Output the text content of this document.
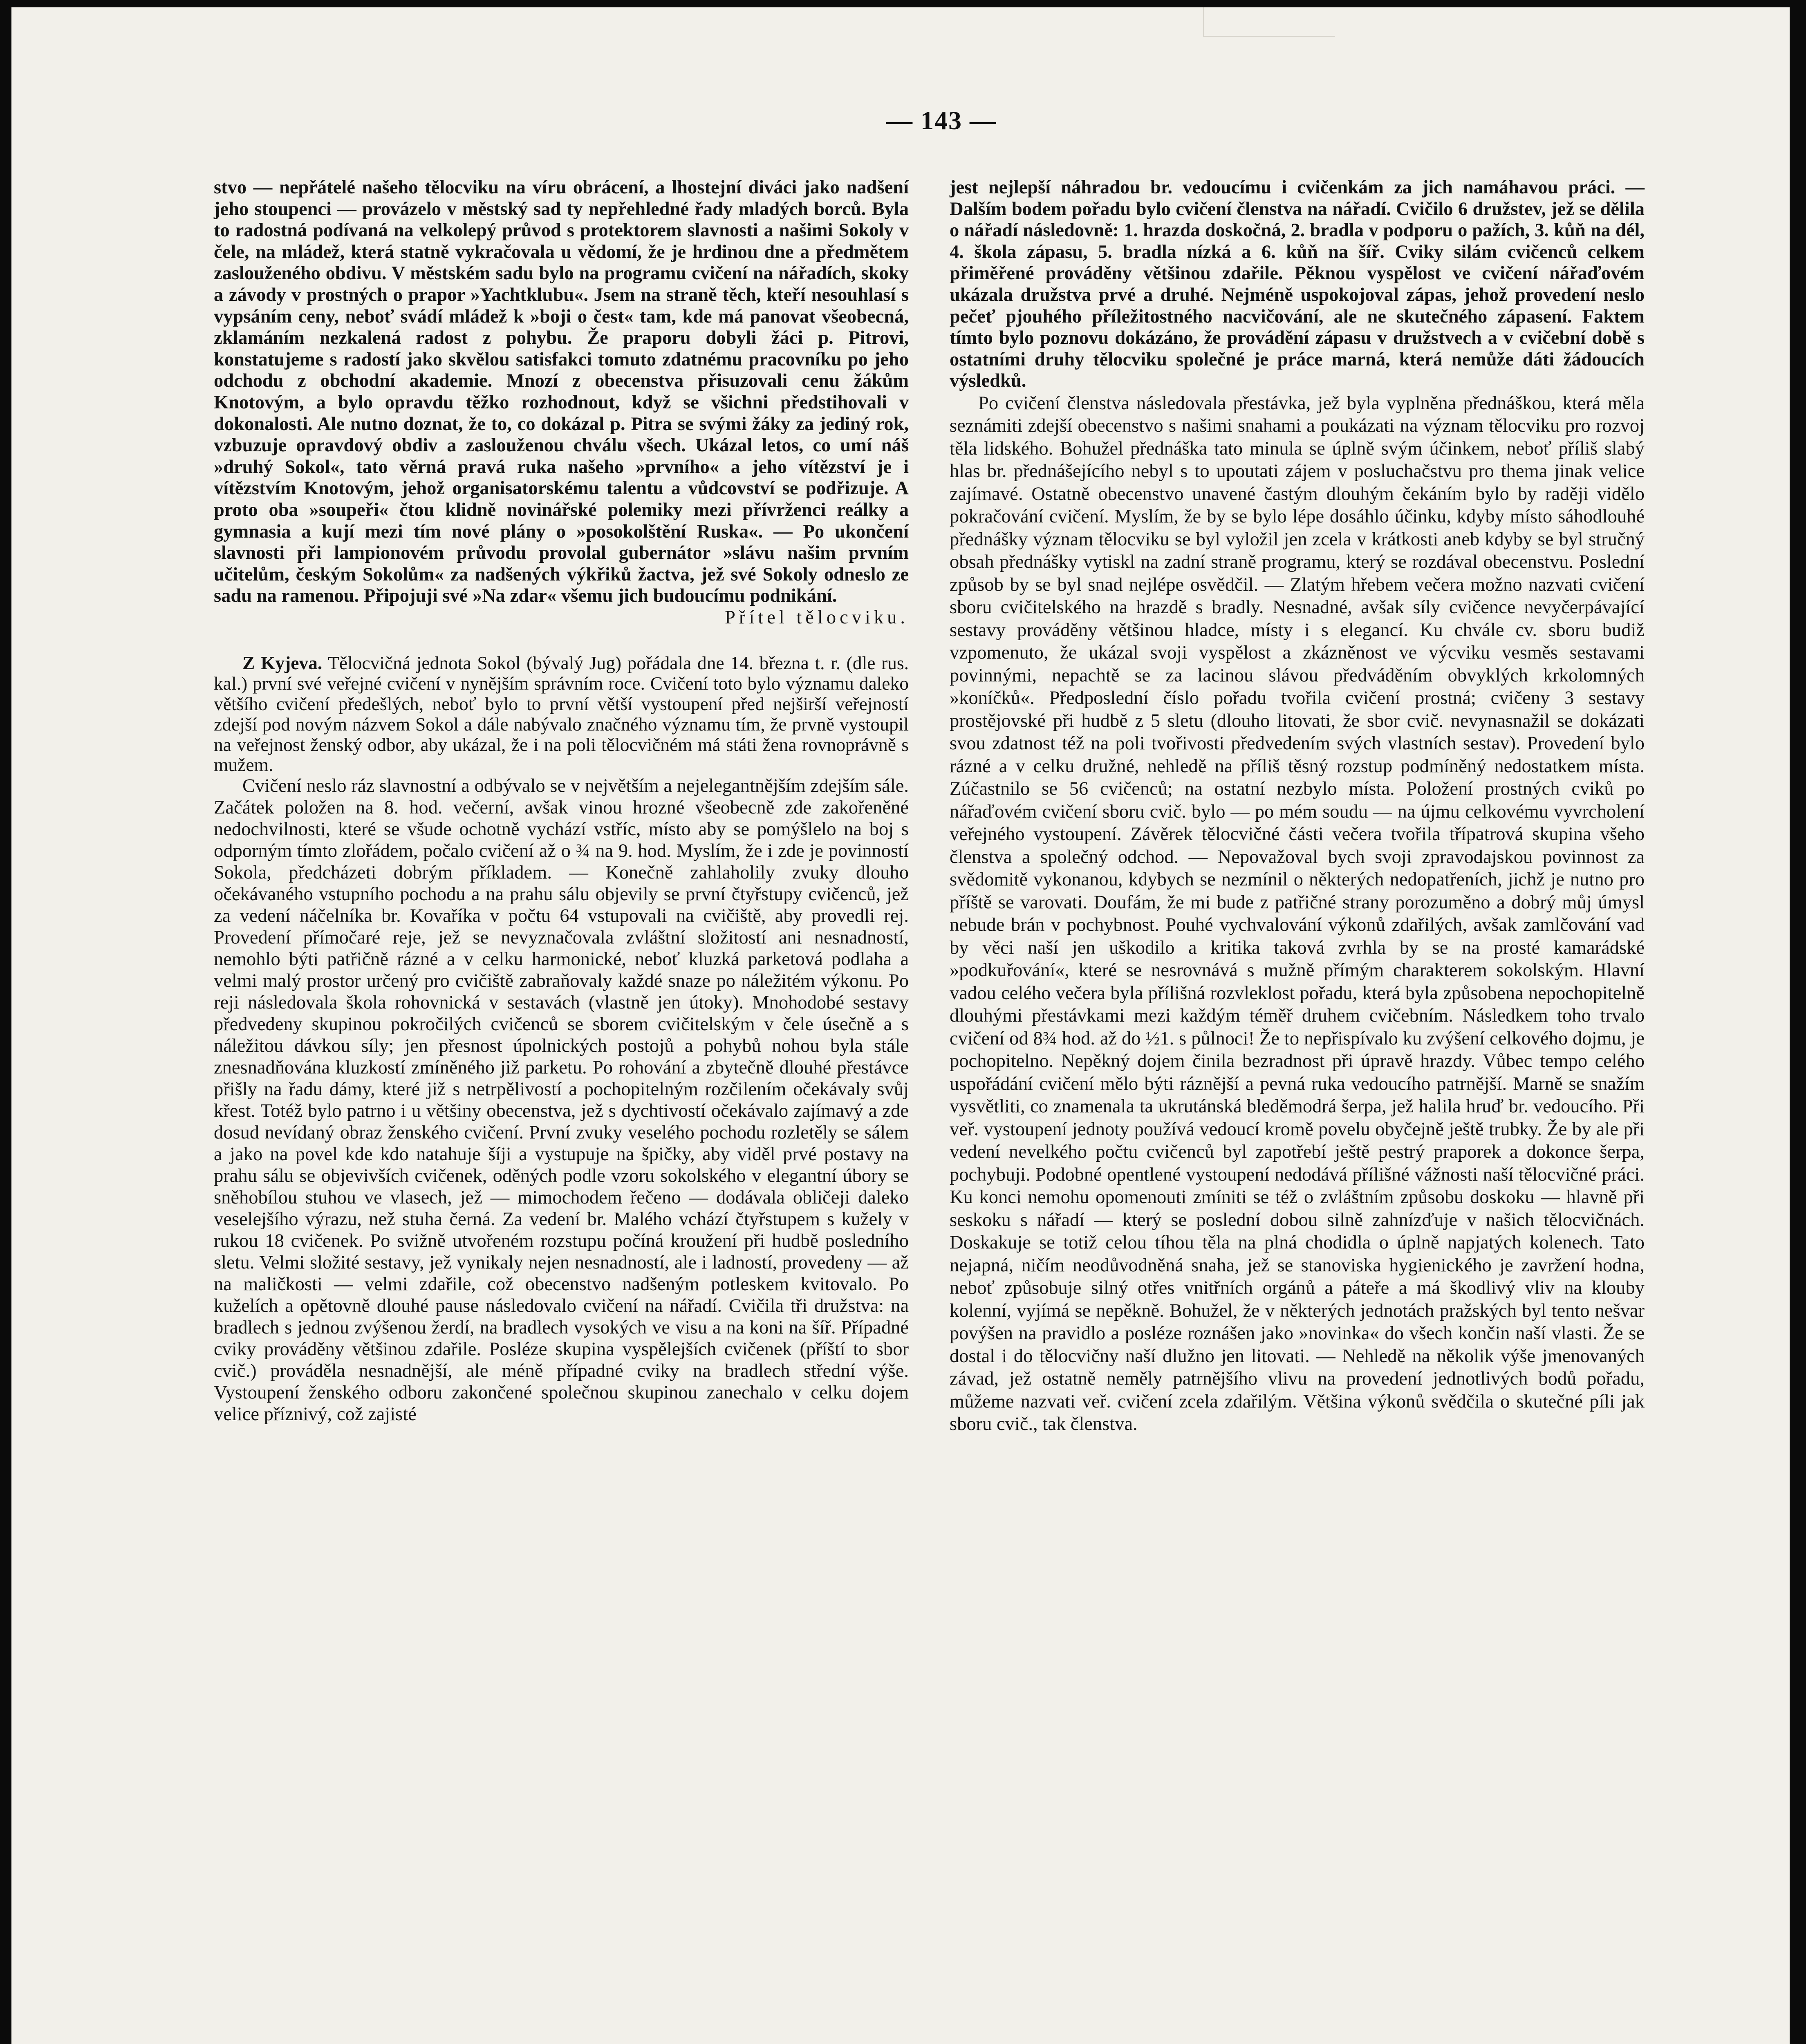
— 143 —

stvo — nepřátelé našeho tělocviku na víru obrácení, a lhostejní diváci jako nadšení jeho stoupenci — provázelo v městský sad ty nepřehledné řady mladých borců. Byla to radostná podívaná na velkolepý průvod s protektorem slavnosti a našimi Sokoly v čele, na mládež, která statně vykračovala u vědomí, že je hrdinou dne a předmětem zaslouženého obdivu. V městském sadu bylo na programu cvičení na nářadích, skoky a závody v prostných o prapor »Yachtklubu«. Jsem na straně těch, kteří nesouhlasí s vypsáním ceny, neboť svádí mládež k »boji o čest« tam, kde má panovat všeobecná, zklamáním nezkalená radost z pohybu. Že praporu dobyli žáci p. Pitrovi, konstatujeme s radostí jako skvělou satisfakci tomuto zdatnému pracovníku po jeho odchodu z obchodní akademie. Mnozí z obecenstva přisuzovali cenu žákům Knotovým, a bylo opravdu těžko rozhodnout, když se všichni předstihovali v dokonalosti. Ale nutno doznat, že to, co dokázal p. Pitra se svými žáky za jediný rok, vzbuzuje opravdový obdiv a zaslouženou chválu všech. Ukázal letos, co umí náš »druhý Sokol«, tato věrná pravá ruka našeho »prvního« a jeho vítězství je i vítězstvím Knotovým, jehož organisatorskému talentu a vůdcovství se podřizuje. A proto oba »soupeři« čtou klidně novinářské polemiky mezi přívrženci reálky a gymnasia a kují mezi tím nové plány o »posokolštění Ruska«. — Po ukončení slavnosti při lampionovém průvodu provolal gubernátor »slávu našim prvním učitelům, českým Sokolům« za nadšených výkřiků žactva, jež své Sokoly odneslo ze sadu na ramenou. Připojuji své »Na zdar« všemu jich budoucímu podnikání.

Přítel tělocviku.

Z Kyjeva. Tělocvičná jednota Sokol (bývalý Jug) pořádala dne 14. března t. r. (dle rus. kal.) první své veřejné cvičení v nynějším správním roce. Cvičení toto bylo významu daleko většího cvičení předešlých, neboť bylo to první větší vystoupení před nejširší veřejností zdejší pod novým názvem Sokol a dále nabývalo značného významu tím, že prvně vystoupil na veřejnost ženský odbor, aby ukázal, že i na poli tělocvičném má státi žena rovnoprávně s mužem.

Cvičení neslo ráz slavnostní a odbývalo se v největším a nejelegantnějším zdejším sále. Začátek položen na 8. hod. večerní, avšak vinou hrozné všeobecně zde zakořeněné nedochvilnosti, které se všude ochotně vychází vstříc, místo aby se pomýšlelo na boj s odporným tímto zlořádem, počalo cvičení až o ¾ na 9. hod. Myslím, že i zde je povinností Sokola, předcházeti dobrým příkladem. — Konečně zahlaholily zvuky dlouho očekávaného vstupního pochodu a na prahu sálu objevily se první čtyřstupy cvičenců, jež za vedení náčelníka br. Kovaříka v počtu 64 vstupovali na cvičiště, aby provedli rej. Provedení přímočaré reje, jež se nevyznačovala zvláštní složitostí ani nesnadností, nemohlo býti patřičně rázné a v celku harmonické, neboť kluzká parketová podlaha a velmi malý prostor určený pro cvičiště zabraňovaly každé snaze po náležitém výkonu. Po reji následovala škola rohovnická v sestavách (vlastně jen útoky). Mnohodobé sestavy předvedeny skupinou pokročilých cvičenců se sborem cvičitelským v čele úsečně a s náležitou dávkou síly; jen přesnost úpolnických postojů a pohybů nohou byla stále znesnadňována kluzkostí zmíněného již parketu. Po rohování a zbytečně dlouhé přestávce přišly na řadu dámy, které již s netrpělivostí a pochopitelným rozčilením očekávaly svůj křest. Totéž bylo patrno i u většiny obecenstva, jež s dychtivostí očekávalo zajímavý a zde dosud nevídaný obraz ženského cvičení. První zvuky veselého pochodu rozletěly se sálem a jako na povel kde kdo natahuje šíji a vystupuje na špičky, aby viděl prvé postavy na prahu sálu se objevivších cvičenek, oděných podle vzoru sokolského v elegantní úbory se sněhobílou stuhou ve vlasech, jež — mimochodem řečeno — dodávala obličeji daleko veselejšího výrazu, než stuha černá. Za vedení br. Malého vchází čtyřstupem s kužely v rukou 18 cvičenek. Po svižně utvořeném rozstupu počíná kroužení při hudbě posledního sletu. Velmi složité sestavy, jež vynikaly nejen nesnadností, ale i ladností, provedeny — až na maličkosti — velmi zdařile, což obecenstvo nadšeným potleskem kvitovalo. Po kuželích a opětovně dlouhé pause následovalo cvičení na nářadí. Cvičila tři družstva: na bradlech s jednou zvýšenou žerdí, na bradlech vysokých ve visu a na koni na šíř. Případné cviky prováděny většinou zdařile. Posléze skupina vyspělejších cvičenek (příští to sbor cvič.) prováděla nesnadnější, ale méně případné cviky na bradlech střední výše. Vystoupení ženského odboru zakončené společnou skupinou zanechalo v celku dojem velice příznivý, což zajisté

jest nejlepší náhradou br. vedoucímu i cvičenkám za jich namáhavou práci. — Dalším bodem pořadu bylo cvičení členstva na nářadí. Cvičilo 6 družstev, jež se dělila o nářadí následovně: 1. hrazda doskočná, 2. bradla v podporu o pažích, 3. kůň na dél, 4. škola zápasu, 5. bradla nízká a 6. kůň na šíř. Cviky silám cvičenců celkem přiměřené prováděny většinou zdařile. Pěknou vyspělost ve cvičení nářaďovém ukázala družstva prvé a druhé. Nejméně uspokojoval zápas, jehož provedení neslo pečeť pjouhého příležitostného nacvičování, ale ne skutečného zápasení. Faktem tímto bylo poznovu dokázáno, že provádění zápasu v družstvech a v cvičební době s ostatními druhy tělocviku společné je práce marná, která nemůže dáti žádoucích výsledků.

Po cvičení členstva následovala přestávka, jež byla vyplněna přednáškou, která měla seznámiti zdejší obecenstvo s našimi snahami a poukázati na význam tělocviku pro rozvoj těla lidského. Bohužel přednáška tato minula se úplně svým účinkem, neboť příliš slabý hlas br. přednášejícího nebyl s to upoutati zájem v posluchačstvu pro thema jinak velice zajímavé. Ostatně obecenstvo unavené častým dlouhým čekáním bylo by raději vidělo pokračování cvičení. Myslím, že by se bylo lépe dosáhlo účinku, kdyby místo sáhodlouhé přednášky význam tělocviku se byl vyložil jen zcela v krátkosti aneb kdyby se byl stručný obsah přednášky vytiskl na zadní straně programu, který se rozdával obecenstvu. Poslední způsob by se byl snad nejlépe osvědčil. — Zlatým hřebem večera možno nazvati cvičení sboru cvičitelského na hrazdě s bradly. Nesnadné, avšak síly cvičence nevyčerpávající sestavy prováděny většinou hladce, místy i s elegancí. Ku chvále cv. sboru budiž vzpomenuto, že ukázal svoji vyspělost a zkázněnost ve výcviku vesměs sestavami povinnými, nepachtě se za lacinou slávou předváděním obvyklých krkolomných »koníčků«. Předposlední číslo pořadu tvořila cvičení prostná; cvičeny 3 sestavy prostějovské při hudbě z 5 sletu (dlouho litovati, že sbor cvič. nevynasnažil se dokázati svou zdatnost též na poli tvořivosti předvedením svých vlastních sestav). Provedení bylo rázné a v celku družné, nehledě na příliš těsný rozstup podmíněný nedostatkem místa. Zúčastnilo se 56 cvičenců; na ostatní nezbylo místa. Položení prostných cviků po nářaďovém cvičení sboru cvič. bylo — po mém soudu — na újmu celkovému vyvrcholení veřejného vystoupení. Závěrek tělocvičné části večera tvořila třípatrová skupina všeho členstva a společný odchod. — Nepovažoval bych svoji zpravodajskou povinnost za svědomitě vykonanou, kdybych se nezmínil o některých nedopatřeních, jichž je nutno pro příště se varovati. Doufám, že mi bude z patřičné strany porozuměno a dobrý můj úmysl nebude brán v pochybnost. Pouhé vychvalování výkonů zdařilých, avšak zamlčování vad by věci naší jen uškodilo a kritika taková zvrhla by se na prosté kamarádské »podkuřování«, které se nesrovnává s mužně přímým charakterem sokolským. Hlavní vadou celého večera byla přílišná rozvleklost pořadu, která byla způsobena nepochopitelně dlouhými přestávkami mezi každým téměř druhem cvičebním. Následkem toho trvalo cvičení od 8¾ hod. až do ½1. s půlnoci! Že to nepřispívalo ku zvýšení celkového dojmu, je pochopitelno. Nepěkný dojem činila bezradnost při úpravě hrazdy. Vůbec tempo celého uspořádání cvičení mělo býti ráznější a pevná ruka vedoucího patrnější. Marně se snažím vysvětliti, co znamenala ta ukrutánská bleděmodrá šerpa, jež halila hruď br. vedoucího. Při veř. vystoupení jednoty používá vedoucí kromě povelu obyčejně ještě trubky. Že by ale při vedení nevelkého počtu cvičenců byl zapotřebí ještě pestrý praporek a dokonce šerpa, pochybuji. Podobné opentlené vystoupení nedodává přílišné vážnosti naší tělocvičné práci. Ku konci nemohu opomenouti zmíniti se též o zvláštním způsobu doskoku — hlavně při seskoku s nářadí — který se poslední dobou silně zahnízďuje v našich tělocvičnách. Doskakuje se totiž celou tíhou těla na plná chodidla o úplně napjatých kolenech. Tato nejapná, ničím neodůvodněná snaha, jež se stanoviska hygienického je zavržení hodna, neboť způsobuje silný otřes vnitřních orgánů a páteře a má škodlivý vliv na klouby kolenní, vyjímá se nepěkně. Bohužel, že v některých jednotách pražských byl tento nešvar povýšen na pravidlo a posléze roznášen jako »novinka« do všech končin naší vlasti. Že se dostal i do tělocvičny naší dlužno jen litovati. — Nehledě na několik výše jmenovaných závad, jež ostatně neměly patrnějšího vlivu na provedení jednotlivých bodů pořadu, můžeme nazvati veř. cvičení zcela zdařilým. Většina výkonů svědčila o skutečné píli jak sboru cvič., tak členstva.
